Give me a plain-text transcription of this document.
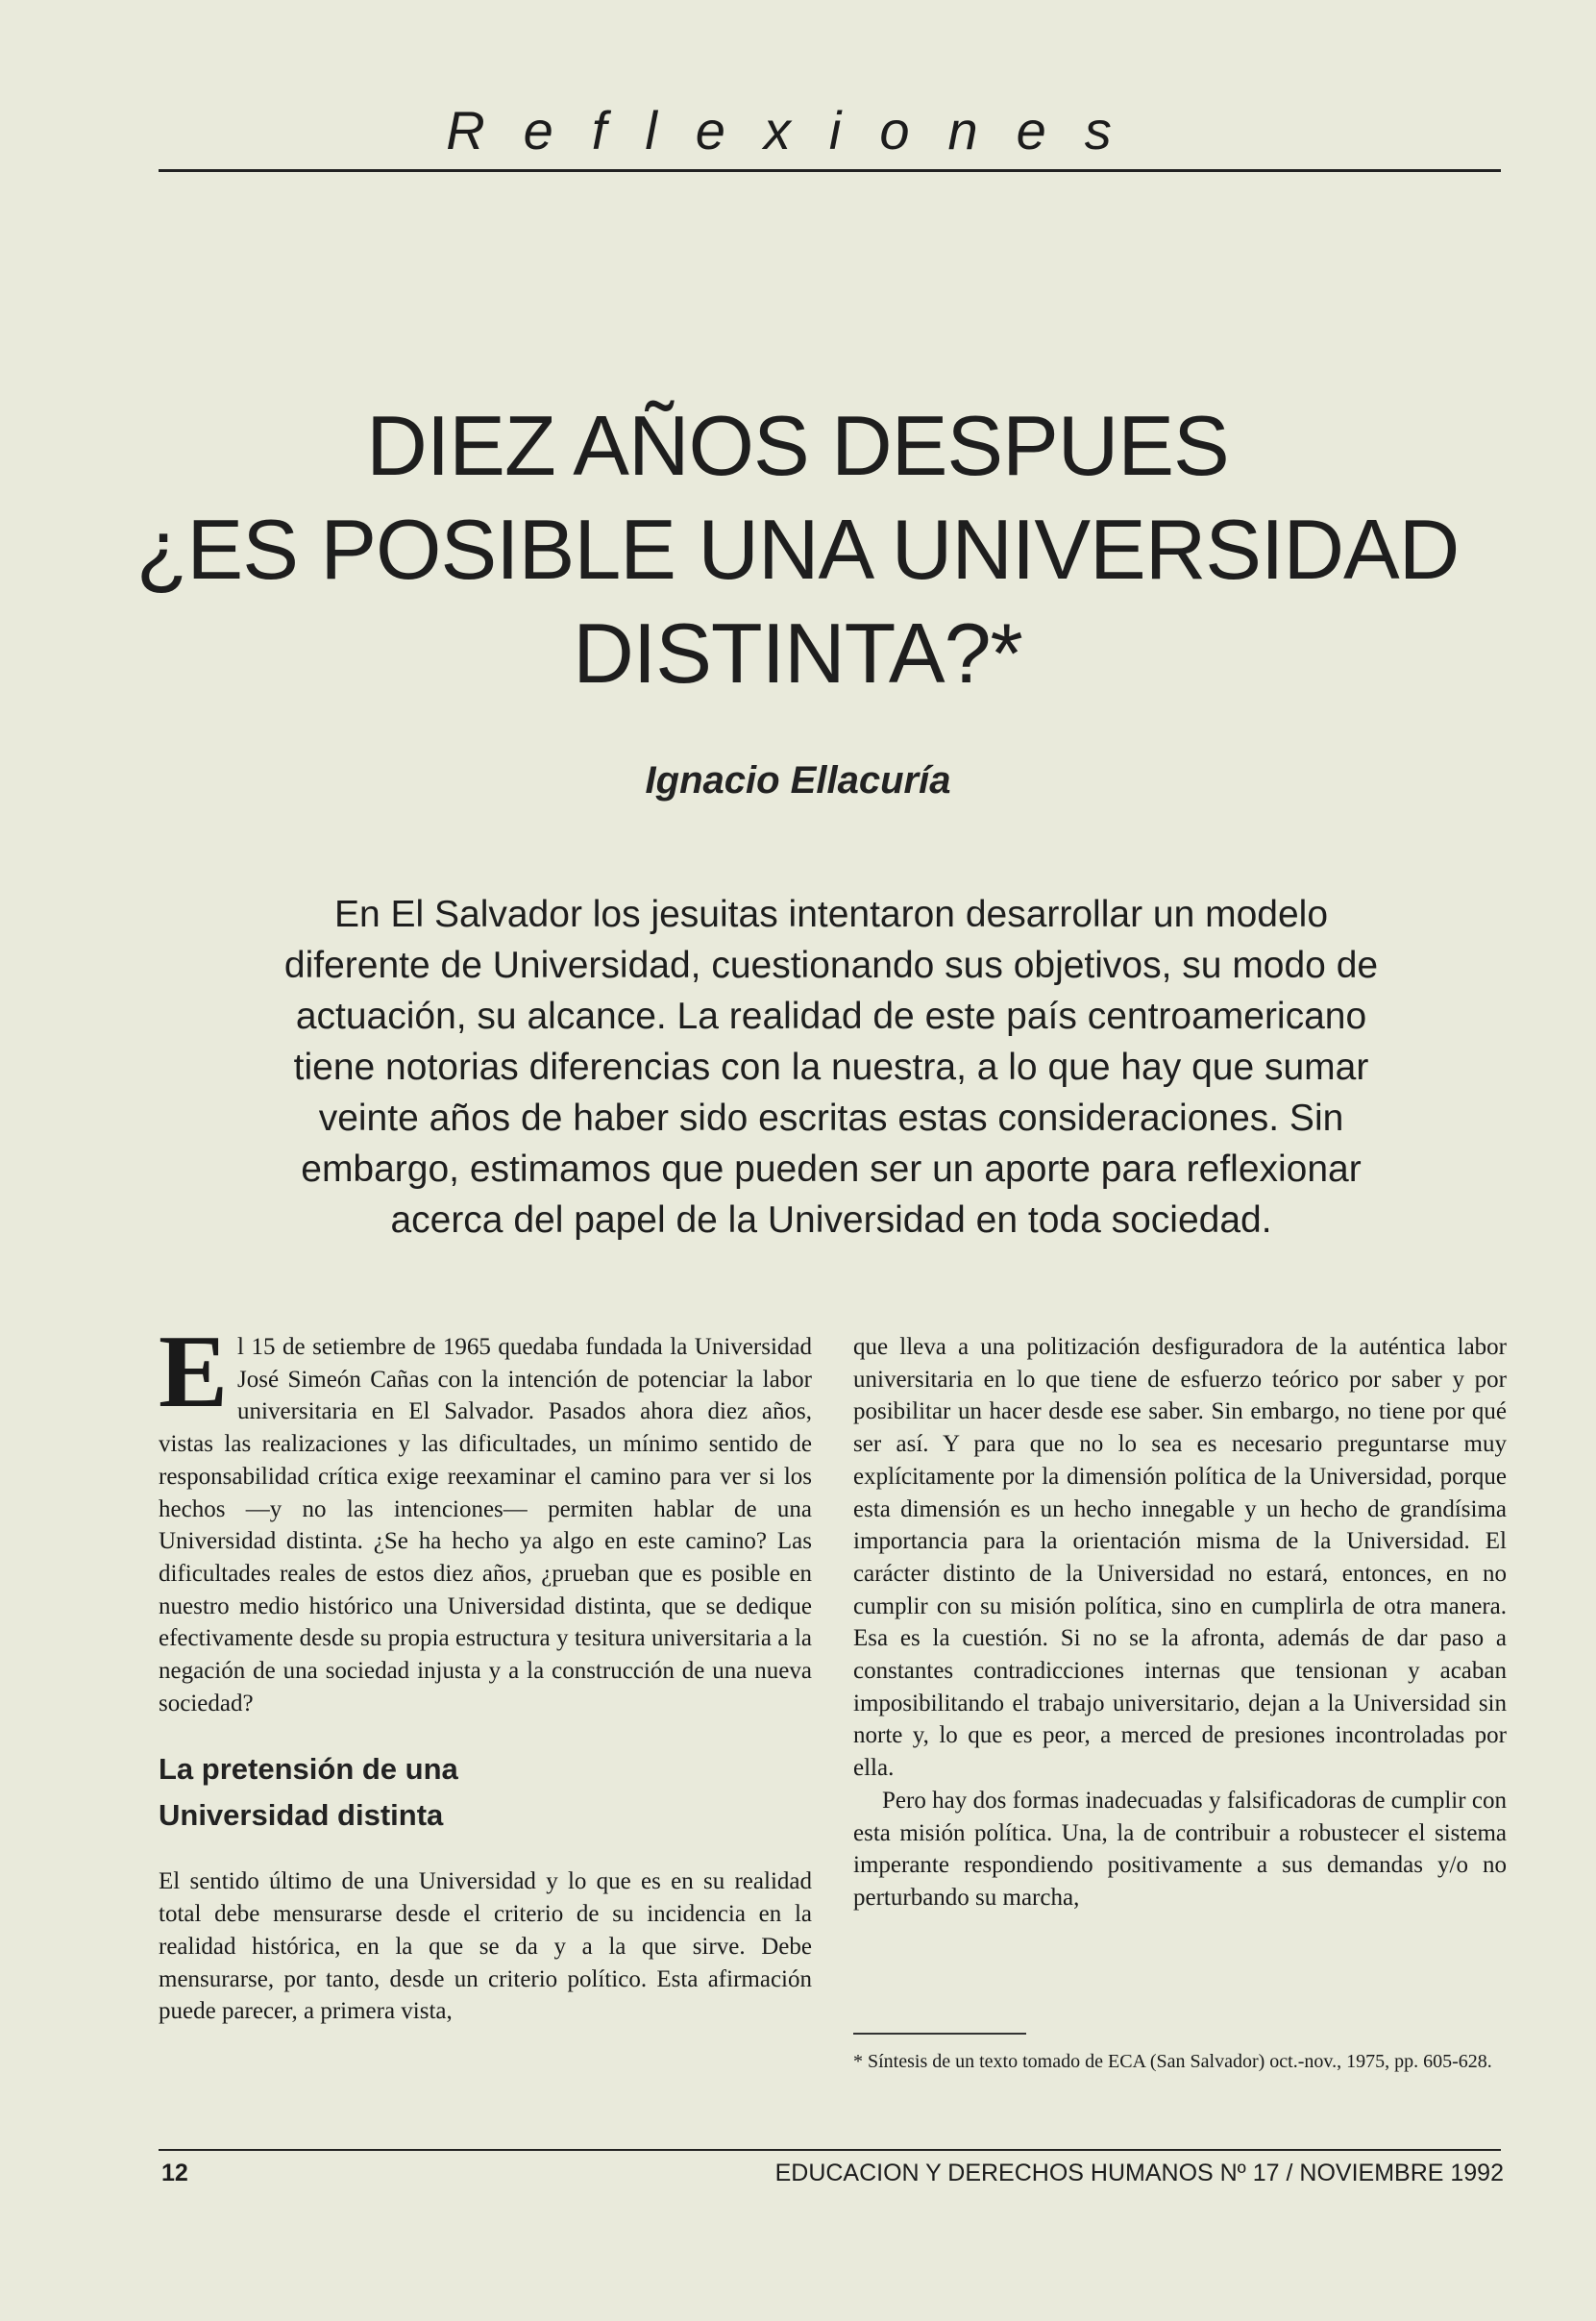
Reflexiones
DIEZ AÑOS DESPUES
¿ES POSIBLE UNA UNIVERSIDAD
DISTINTA?*
Ignacio Ellacuría
En El Salvador los jesuitas intentaron desarrollar un modelo
diferente de Universidad, cuestionando sus objetivos, su modo de
actuación, su alcance. La realidad de este país centroamericano
tiene notorias diferencias con la nuestra, a lo que hay que sumar
veinte años de haber sido escritas estas consideraciones. Sin
embargo, estimamos que pueden ser un aporte para reflexionar
acerca del papel de la Universidad en toda sociedad.

El 15 de setiembre de 1965 quedaba fundada la Universidad José Simeón Cañas con la intención de potenciar la labor universitaria en El Salvador. Pasados ahora diez años, vistas las realizaciones y las dificultades, un mínimo sentido de responsabilidad crítica exige reexaminar el camino para ver si los hechos —y no las intenciones— permiten hablar de una Universidad distinta. ¿Se ha hecho ya algo en este camino? Las dificultades reales de estos diez años, ¿prueban que es posible en nuestro medio histórico una Universidad distinta, que se dedique efectivamente desde su propia estructura y tesitura universitaria a la negación de una sociedad injusta y a la construcción de una nueva sociedad?

La pretensión de una
Universidad distinta

El sentido último de una Universidad y lo que es en su realidad total debe mensurarse desde el criterio de su incidencia en la realidad histórica, en la que se da y a la que sirve. Debe mensurarse, por tanto, desde un criterio político. Esta afirmación puede parecer, a primera vista,

que lleva a una politización desfiguradora de la auténtica labor universitaria en lo que tiene de esfuerzo teórico por saber y por posibilitar un hacer desde ese saber. Sin embargo, no tiene por qué ser así. Y para que no lo sea es necesario preguntarse muy explícitamente por la dimensión política de la Universidad, porque esta dimensión es un hecho innegable y un hecho de grandísima importancia para la orientación misma de la Universidad. El carácter distinto de la Universidad no estará, entonces, en no cumplir con su misión política, sino en cumplirla de otra manera. Esa es la cuestión. Si no se la afronta, además de dar paso a constantes contradicciones internas que tensionan y acaban imposibilitando el trabajo universitario, dejan a la Universidad sin norte y, lo que es peor, a merced de presiones incontroladas por ella.

Pero hay dos formas inadecuadas y falsificadoras de cumplir con esta misión política. Una, la de contribuir a robustecer el sistema imperante respondiendo positivamente a sus demandas y/o no perturbando su marcha,

* Síntesis de un texto tomado de ECA (San Salvador) oct.-nov., 1975, pp. 605-628.
12	EDUCACION Y DERECHOS HUMANOS Nº 17 / NOVIEMBRE 1992
